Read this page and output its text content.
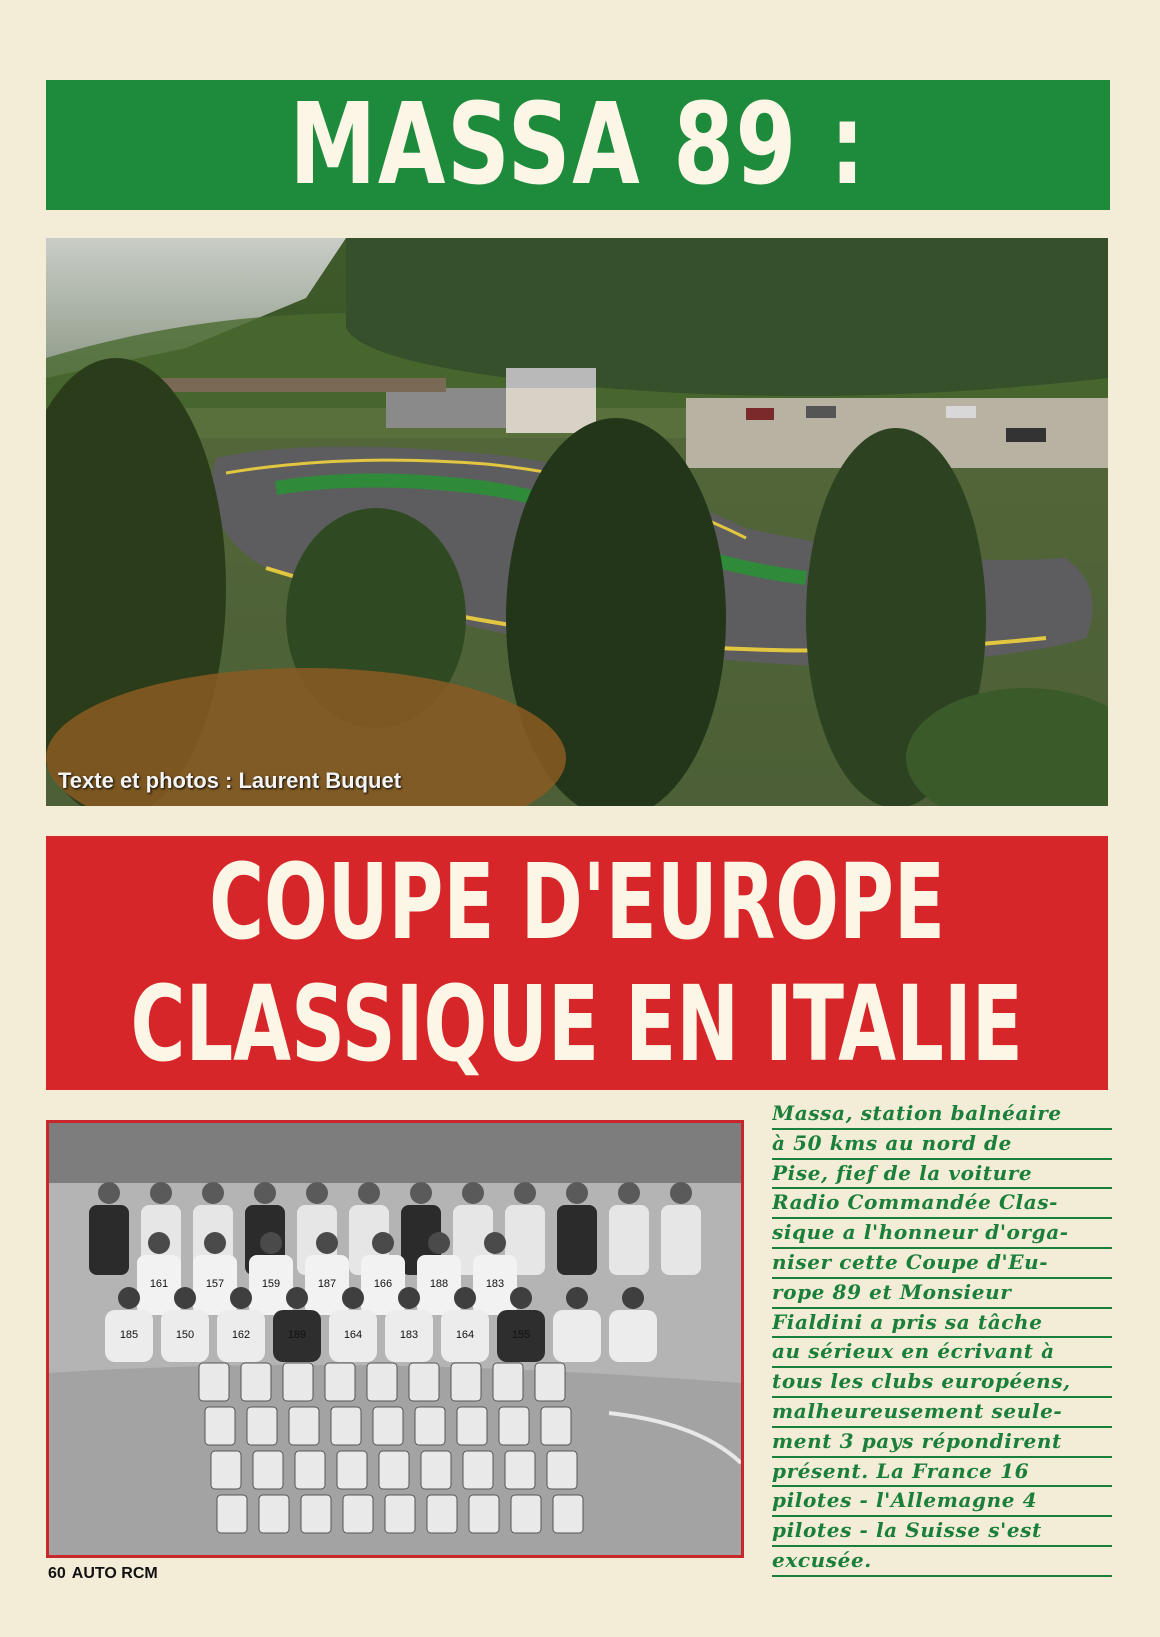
MASSA 89 :
Texte et photos : Laurent Buquet
COUPE D'EUROPE
CLASSIQUE EN ITALIE
161	157	159	187	166	188	183
185	150	162	189	164	183	164	155
Massa, station balnéaire
à 50 kms au nord de
Pise, fief de la voiture
Radio Commandée Clas-
sique a l'honneur d'orga-
niser cette Coupe d'Eu-
rope 89 et Monsieur
Fialdini a pris sa tâche
au sérieux en écrivant à
tous les clubs européens,
malheureusement seule-
ment 3 pays répondirent
présent. La France 16
pilotes - l'Allemagne 4
pilotes - la Suisse s'est
excusée.
60 AUTO RCM
